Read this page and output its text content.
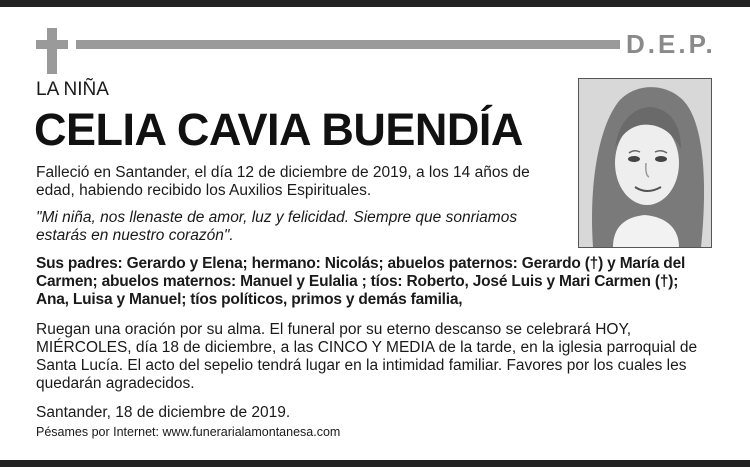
D.E.P.
LA NIÑA
CELIA CAVIA BUENDÍA
Falleció en Santander, el día 12 de diciembre de 2019, a los 14 años de edad, habiendo recibido los Auxilios Espirituales.
"Mi niña, nos llenaste de amor, luz y felicidad. Siempre que sonriamos estarás en nuestro corazón".
Sus padres: Gerardo y Elena; hermano: Nicolás; abuelos paternos: Gerardo (†) y María del Carmen; abuelos maternos: Manuel y Eulalia ; tíos: Roberto, José Luis y Mari Carmen (†); Ana, Luisa y Manuel; tíos políticos, primos y demás familia,
Ruegan una oración por su alma. El funeral por su eterno descanso se celebrará HOY, MIÉRCOLES, día 18 de diciembre, a las CINCO Y MEDIA de la tarde, en la iglesia parroquial de Santa Lucía. El acto del sepelio tendrá lugar en la intimidad familiar. Favores por los cuales les quedarán agradecidos.
Santander, 18 de diciembre de 2019.
Pésames por Internet: www.funerarialamontanesa.com
